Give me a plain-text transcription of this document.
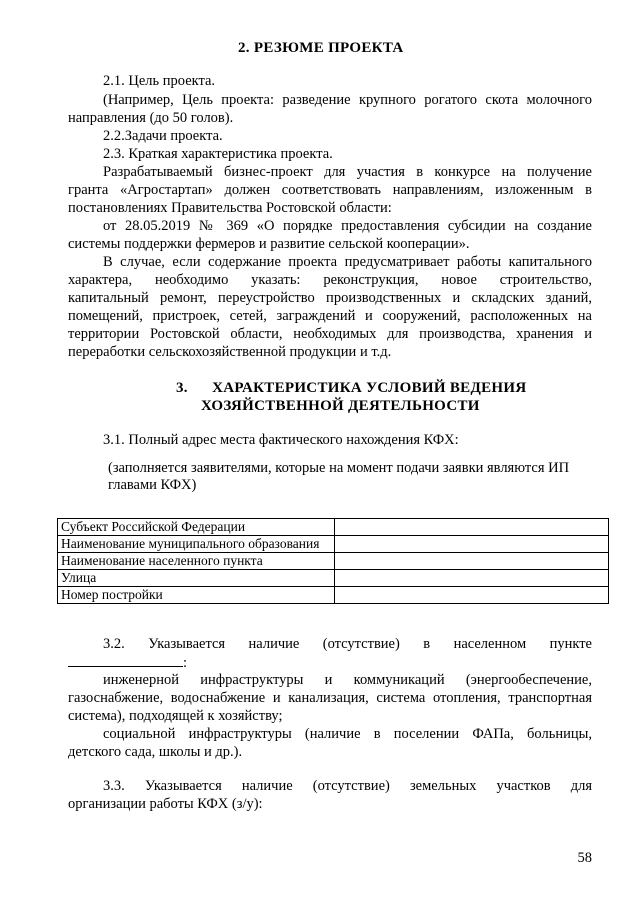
2. РЕЗЮМЕ ПРОЕКТА
2.1. Цель проекта.
(Например, Цель проекта: разведение крупного рогатого скота молочного
направления (до 50 голов).
2.2.Задачи проекта.
2.3. Краткая характеристика проекта.
Разрабатываемый бизнес-проект для участия в конкурсе на получение
гранта «Агростартап» должен соответствовать направлениям, изложенным в
постановлениях Правительства Ростовской области:
от 28.05.2019 № 369 «О порядке предоставления субсидии на создание
системы поддержки фермеров и развитие сельской кооперации».
В случае, если содержание проекта предусматривает работы капитального
характера, необходимо указать: реконструкция, новое строительство,
капитальный ремонт, переустройство производственных и складских зданий,
помещений, пристроек, сетей, заграждений и сооружений, расположенных на
территории Ростовской области, необходимых для производства, хранения и
переработки сельскохозяйственной продукции и т.д.
3.      ХАРАКТЕРИСТИКА УСЛОВИЙ ВЕДЕНИЯ
ХОЗЯЙСТВЕННОЙ ДЕЯТЕЛЬНОСТИ
3.1. Полный адрес места фактического нахождения КФХ:
(заполняется заявителями, которые на момент подачи заявки являются ИП
главами КФХ)
Субъект Российской Федерации	
Наименование муниципального образования	
Наименование населенного пункта	
Улица	
Номер постройки	
3.2. Указывается наличие (отсутствие) в населенном пункте
:
инженерной инфраструктуры и коммуникаций (энергообеспечение,
газоснабжение, водоснабжение и канализация, система отопления, транспортная
система), подходящей к хозяйству;
социальной инфраструктуры (наличие в поселении ФАПа, больницы,
детского сада, школы и др.).
3.3. Указывается наличие (отсутствие) земельных участков для
организации работы КФХ (з/у):
58
